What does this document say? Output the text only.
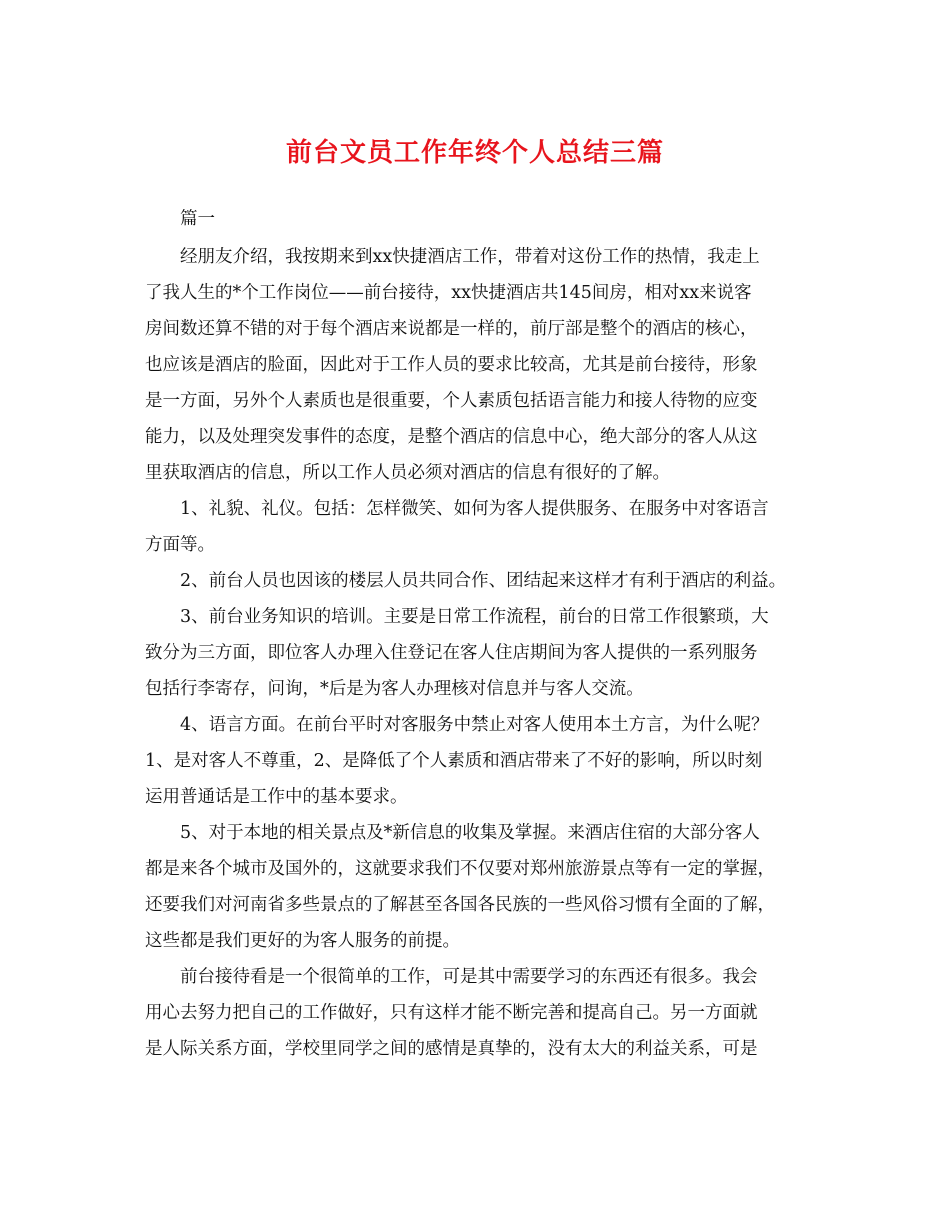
前台文员工作年终个人总结三篇
篇一
经朋友介绍，我按期来到xx快捷酒店工作，带着对这份工作的热情，我走上
了我人生的*个工作岗位——前台接待，xx快捷酒店共145间房，相对xx来说客
房间数还算不错的对于每个酒店来说都是一样的，前厅部是整个的酒店的核心，
也应该是酒店的脸面，因此对于工作人员的要求比较高，尤其是前台接待，形象
是一方面，另外个人素质也是很重要，个人素质包括语言能力和接人待物的应变
能力，以及处理突发事件的态度，是整个酒店的信息中心，绝大部分的客人从这
里获取酒店的信息，所以工作人员必须对酒店的信息有很好的了解。
1、礼貌、礼仪。包括：怎样微笑、如何为客人提供服务、在服务中对客语言
方面等。
2、前台人员也因该的楼层人员共同合作、团结起来这样才有利于酒店的利益。
3、前台业务知识的培训。主要是日常工作流程，前台的日常工作很繁琐，大
致分为三方面，即位客人办理入住登记在客人住店期间为客人提供的一系列服务
包括行李寄存，问询，*后是为客人办理核对信息并与客人交流。
4、语言方面。在前台平时对客服务中禁止对客人使用本土方言，为什么呢？
1、是对客人不尊重，2、是降低了个人素质和酒店带来了不好的影响，所以时刻
运用普通话是工作中的基本要求。
5、对于本地的相关景点及*新信息的收集及掌握。来酒店住宿的大部分客人
都是来各个城市及国外的，这就要求我们不仅要对郑州旅游景点等有一定的掌握，
还要我们对河南省多些景点的了解甚至各国各民族的一些风俗习惯有全面的了解，
这些都是我们更好的为客人服务的前提。
前台接待看是一个很简单的工作，可是其中需要学习的东西还有很多。我会
用心去努力把自己的工作做好，只有这样才能不断完善和提高自己。另一方面就
是人际关系方面，学校里同学之间的感情是真挚的，没有太大的利益关系，可是
